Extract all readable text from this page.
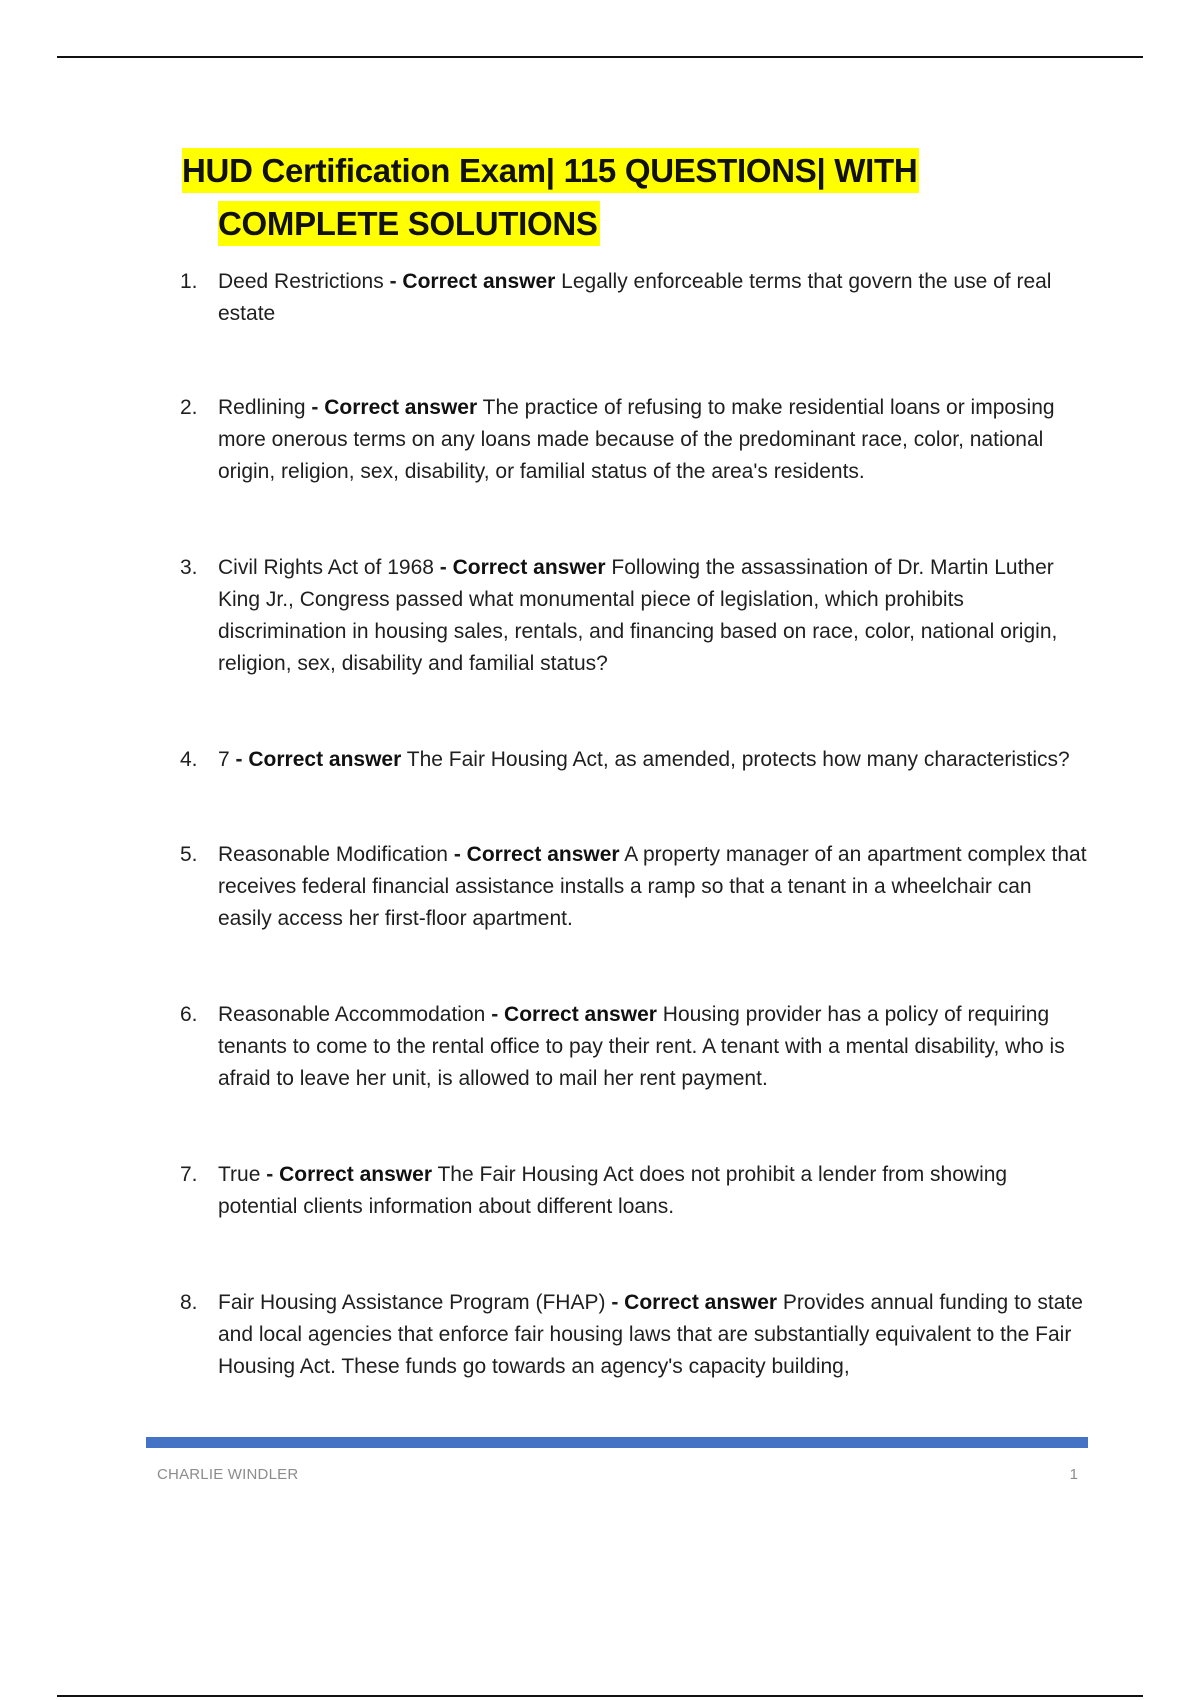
HUD Certification Exam| 115 QUESTIONS| WITH
COMPLETE SOLUTIONS
1. Deed Restrictions - Correct answer Legally enforceable terms that govern the use of real estate
2. Redlining - Correct answer The practice of refusing to make residential loans or imposing more onerous terms on any loans made because of the predominant race, color, national origin, religion, sex, disability, or familial status of the area's residents.
3. Civil Rights Act of 1968 - Correct answer Following the assassination of Dr. Martin Luther King Jr., Congress passed what monumental piece of legislation, which prohibits discrimination in housing sales, rentals, and financing based on race, color, national origin, religion, sex, disability and familial status?
4. 7 - Correct answer The Fair Housing Act, as amended, protects how many characteristics?
5. Reasonable Modification - Correct answer A property manager of an apartment complex that receives federal financial assistance installs a ramp so that a tenant in a wheelchair can easily access her first-floor apartment.
6. Reasonable Accommodation - Correct answer Housing provider has a policy of requiring tenants to come to the rental office to pay their rent. A tenant with a mental disability, who is afraid to leave her unit, is allowed to mail her rent payment.
7. True - Correct answer The Fair Housing Act does not prohibit a lender from showing potential clients information about different loans.
8. Fair Housing Assistance Program (FHAP) - Correct answer Provides annual funding to state and local agencies that enforce fair housing laws that are substantially equivalent to the Fair Housing Act. These funds go towards an agency's capacity building,
CHARLIE WINDLER	1
